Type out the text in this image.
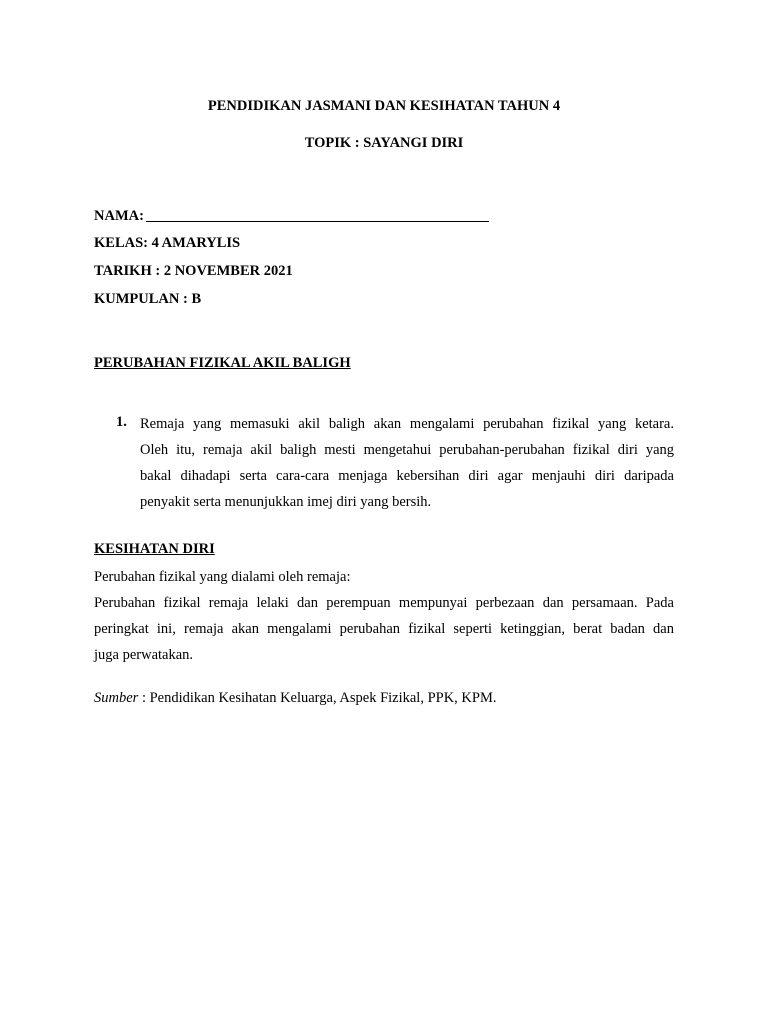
PENDIDIKAN JASMANI DAN KESIHATAN TAHUN 4
TOPIK : SAYANGI DIRI
NAMA:
KELAS: 4 AMARYLIS
TARIKH : 2 NOVEMBER 2021
KUMPULAN : B
PERUBAHAN FIZIKAL AKIL BALIGH
1. Remaja yang memasuki akil baligh akan mengalami perubahan fizikal yang ketara.
Oleh itu, remaja akil baligh mesti mengetahui perubahan-perubahan fizikal diri yang
bakal dihadapi serta cara-cara menjaga kebersihan diri agar menjauhi diri daripada
penyakit serta menunjukkan imej diri yang bersih.
KESIHATAN DIRI
Perubahan fizikal yang dialami oleh remaja:
Perubahan fizikal remaja lelaki dan perempuan mempunyai perbezaan dan persamaan. Pada
peringkat ini, remaja akan mengalami perubahan fizikal seperti ketinggian, berat badan dan
juga perwatakan.
Sumber : Pendidikan Kesihatan Keluarga, Aspek Fizikal, PPK, KPM.
